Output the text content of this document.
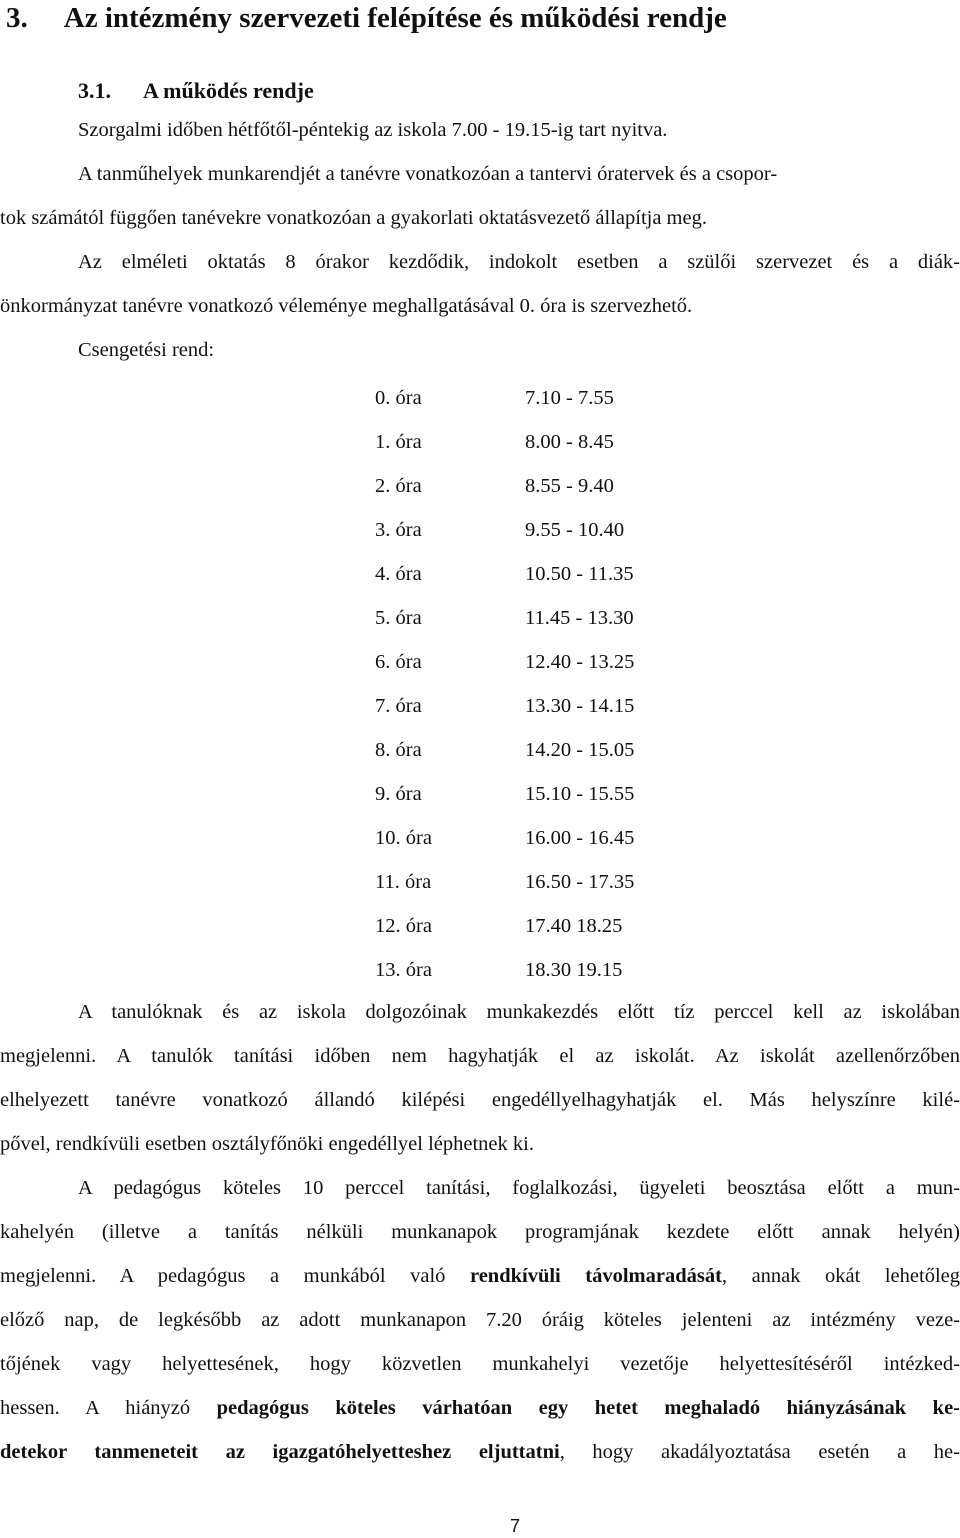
3. Az intézmény szervezeti felépítése és működési rendje
3.1. A működés rendje
Szorgalmi időben hétfőtől-péntekig az iskola 7.00 - 19.15-ig tart nyitva.
A tanműhelyek munkarendjét a tanévre vonatkozóan a tantervi óratervek és a csopor-
tok számától függően tanévekre vonatkozóan a gyakorlati oktatásvezető állapítja meg.
Az elméleti oktatás 8 órakor kezdődik, indokolt esetben a szülői szervezet és a diák-
önkormányzat tanévre vonatkozó véleménye meghallgatásával 0. óra is szervezhető.
Csengetési rend:
0. óra	7.10 - 7.55
1. óra	8.00 - 8.45
2. óra	8.55 - 9.40
3. óra	9.55 - 10.40
4. óra	10.50 - 11.35
5. óra	11.45 - 13.30
6. óra	12.40 - 13.25
7. óra	13.30 - 14.15
8. óra	14.20 - 15.05
9. óra	15.10 - 15.55
10. óra	16.00 - 16.45
11. óra	16.50 - 17.35
12. óra	17.40 18.25
13. óra	18.30 19.15
A tanulóknak és az iskola dolgozóinak munkakezdés előtt tíz perccel kell az iskolában
megjelenni. A tanulók tanítási időben nem hagyhatják el az iskolát. Az iskolát azellenőrzőben
elhelyezett tanévre vonatkozó állandó kilépési engedéllyelhagyhatják el. Más helyszínre kilé-
pővel, rendkívüli esetben osztályfőnöki engedéllyel léphetnek ki.
A pedagógus köteles 10 perccel tanítási, foglalkozási, ügyeleti beosztása előtt a mun-
kahelyén (illetve a tanítás nélküli munkanapok programjának kezdete előtt annak helyén)
megjelenni. A pedagógus a munkából való rendkívüli távolmaradását, annak okát lehetőleg
előző nap, de legkésőbb az adott munkanapon 7.20 óráig köteles jelenteni az intézmény veze-
tőjének vagy helyettesének, hogy közvetlen munkahelyi vezetője helyettesítéséről intézked-
hessen. A hiányzó pedagógus köteles várhatóan egy hetet meghaladó hiányzásának ke-
detekor tanmeneteit az igazgatóhelyetteshez eljuttatni, hogy akadályoztatása esetén a he-
7
